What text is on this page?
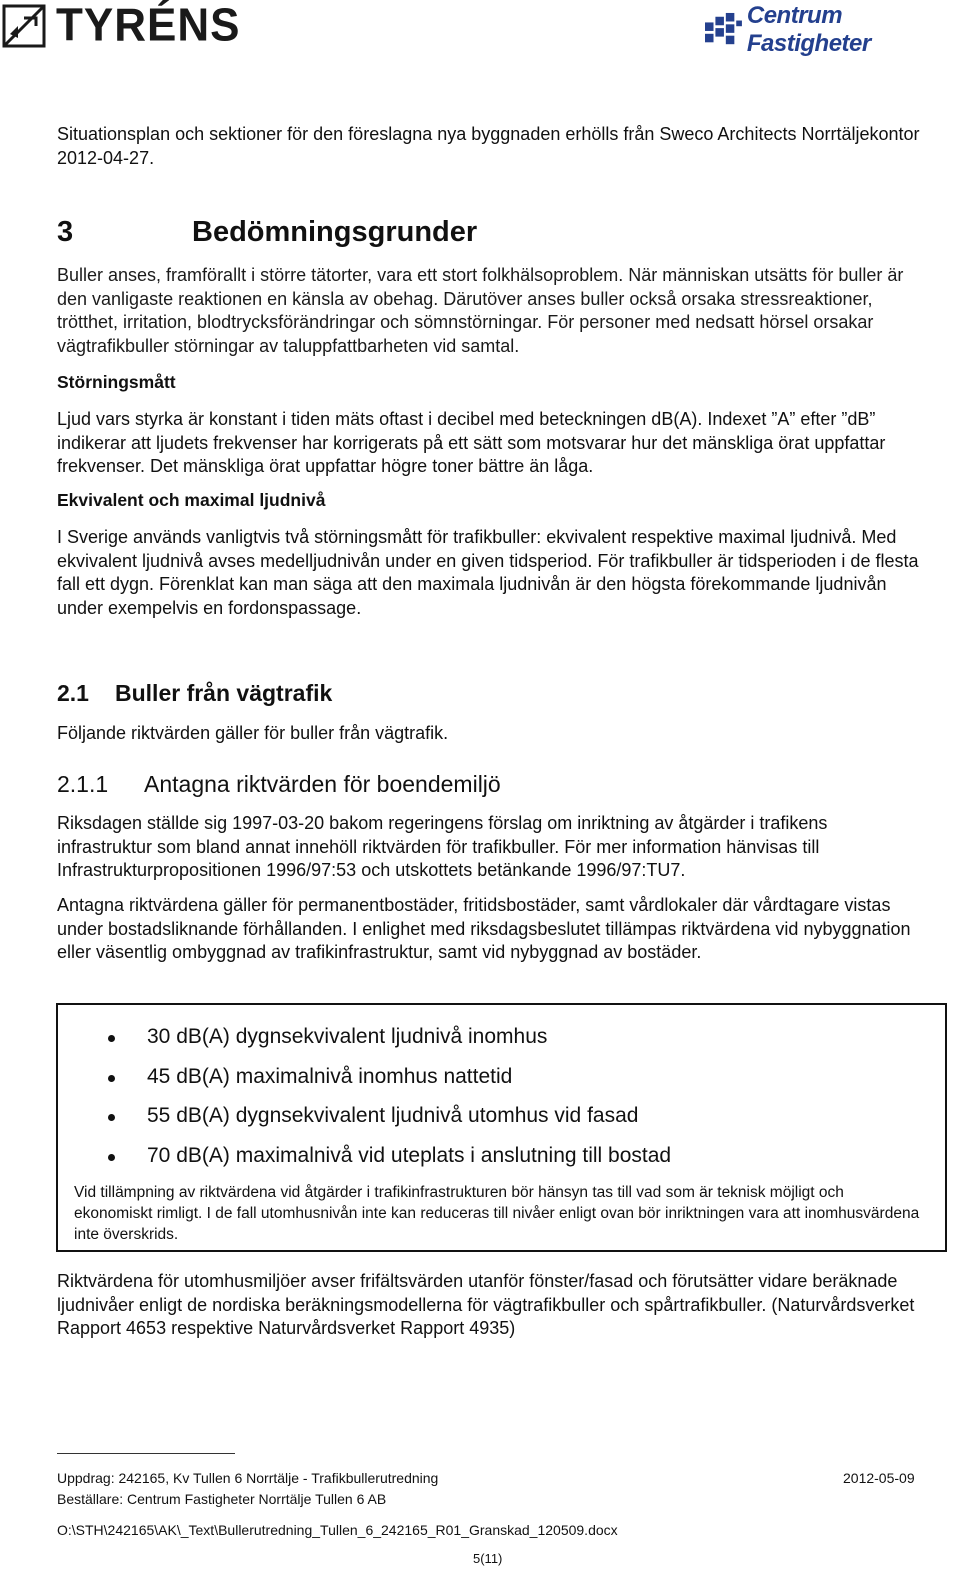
TYRÉNS	Centrum Fastigheter
Situationsplan och sektioner för den föreslagna nya byggnaden erhölls från Sweco Architects Norrtäljekontor 2012-04-27.
3	Bedömningsgrunder
Buller anses, framförallt i större tätorter, vara ett stort folkhälsoproblem. När människan utsätts för buller är den vanligaste reaktionen en känsla av obehag. Därutöver anses buller också orsaka stressreaktioner, trötthet, irritation, blodtrycksförändringar och sömnstörningar. För personer med nedsatt hörsel orsakar vägtrafikbuller störningar av taluppfattbarheten vid samtal.
Störningsmått
Ljud vars styrka är konstant i tiden mäts oftast i decibel med beteckningen dB(A). Indexet ”A” efter ”dB” indikerar att ljudets frekvenser har korrigerats på ett sätt som motsvarar hur det mänskliga örat uppfattar frekvenser. Det mänskliga örat uppfattar högre toner bättre än låga.
Ekvivalent och maximal ljudnivå
I Sverige används vanligtvis två störningsmått för trafikbuller: ekvivalent respektive maximal ljudnivå. Med ekvivalent ljudnivå avses medelljudnivån under en given tidsperiod. För trafikbuller är tidsperioden i de flesta fall ett dygn. Förenklat kan man säga att den maximala ljudnivån är den högsta förekommande ljudnivån under exempelvis en fordonspassage.
2.1 Buller från vägtrafik
Följande riktvärden gäller för buller från vägtrafik.
2.1.1 Antagna riktvärden för boendemiljö
Riksdagen ställde sig 1997-03-20 bakom regeringens förslag om inriktning av åtgärder i trafikens infrastruktur som bland annat innehöll riktvärden för trafikbuller. För mer information hänvisas till Infrastrukturpropositionen 1996/97:53 och utskottets betänkande 1996/97:TU7.
Antagna riktvärdena gäller för permanentbostäder, fritidsbostäder, samt vårdlokaler där vårdtagare vistas under bostadsliknande förhållanden. I enlighet med riksdagsbeslutet tillämpas riktvärdena vid nybyggnation eller väsentlig ombyggnad av trafikinfrastruktur, samt vid nybyggnad av bostäder.
30 dB(A) dygnsekvivalent ljudnivå inomhus
45 dB(A) maximalnivå inomhus nattetid
55 dB(A) dygnsekvivalent ljudnivå utomhus vid fasad
70 dB(A) maximalnivå vid uteplats i anslutning till bostad
Vid tillämpning av riktvärdena vid åtgärder i trafikinfrastrukturen bör hänsyn tas till vad som är teknisk möjligt och ekonomiskt rimligt. I de fall utomhusnivån inte kan reduceras till nivåer enligt ovan bör inriktningen vara att inomhusvärdena inte överskrids.
Riktvärdena för utomhusmiljöer avser frifältsvärden utanför fönster/fasad och förutsätter vidare beräknade ljudnivåer enligt de nordiska beräkningsmodellerna för vägtrafikbuller och spårtrafikbuller. (Naturvårdsverket Rapport 4653 respektive Naturvårdsverket Rapport 4935)
Uppdrag: 242165, Kv Tullen 6 Norrtälje - Trafikbullerutredning	2012-05-09
Beställare: Centrum Fastigheter Norrtälje Tullen 6 AB
O:\STH\242165\AK\_Text\Bullerutredning_Tullen_6_242165_R01_Granskad_120509.docx
5(11)
